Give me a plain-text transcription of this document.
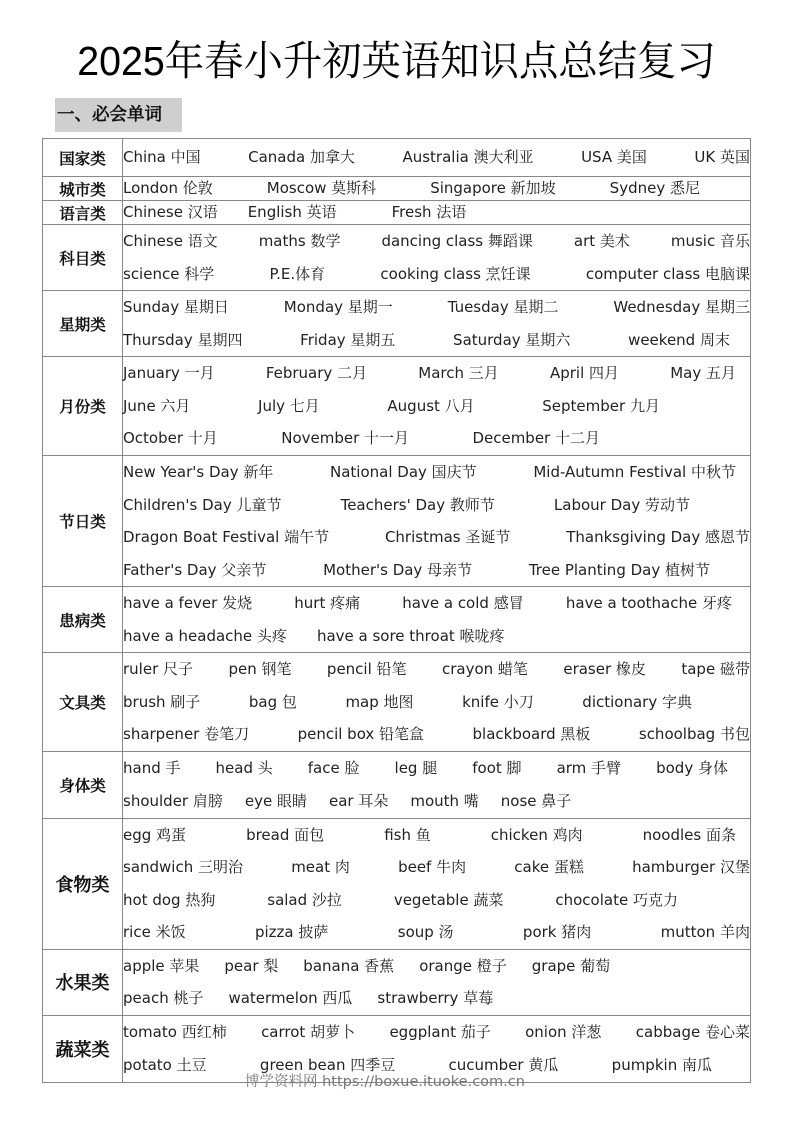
2025年春小升初英语知识点总结复习
一、必会单词
国家类	China 中国 Canada 加拿大 Australia 澳大利亚 USA 美国 UK 英国

城市类	London 伦敦 Moscow 莫斯科 Singapore 新加坡 Sydney 悉尼

语言类	Chinese 汉语 English 英语 Fresh 法语

科目类	
Chinese 语文	maths 数学	dancing class 舞蹈课	art 美术	music 音乐
science 科学	P.E.体育	cooking class 烹饪课	computer class 电脑课

星期类	
Sunday 星期日	Monday 星期一	Tuesday 星期二	Wednesday 星期三
Thursday 星期四	Friday 星期五	Saturday 星期六	weekend 周末

月份类	
January 一月	February 二月	March 三月	April 四月	May 五月
June 六月	July 七月	August 八月	September 九月
October 十月	November 十一月	December 十二月

节日类	
New Year's Day 新年	National Day 国庆节	Mid-Autumn Festival 中秋节
Children's Day 儿童节	Teachers' Day 教师节	Labour Day 劳动节
Dragon Boat Festival 端午节	Christmas 圣诞节	Thanksgiving Day 感恩节
Father's Day 父亲节	Mother's Day 母亲节	Tree Planting Day 植树节

患病类	
have a fever 发烧	hurt 疼痛	have a cold 感冒	have a toothache 牙疼
have a headache 头疼 have a sore throat 喉咙疼

文具类	
ruler 尺子 pen 钢笔 pencil 铅笔 crayon 蜡笔 eraser 橡皮 tape 磁带
brush 刷子	bag 包	map 地图	knife 小刀	dictionary 字典
sharpener 卷笔刀	pencil box 铅笔盒	blackboard 黑板	schoolbag 书包

身体类	
hand 手 head 头 face 脸 leg 腿 foot 脚 arm 手臂 body 身体
shoulder 肩膀 eye 眼睛 ear 耳朵 mouth 嘴 nose 鼻子

食物类	
egg 鸡蛋	bread 面包	fish 鱼	chicken 鸡肉	noodles 面条
sandwich 三明治	meat 肉	beef 牛肉	cake 蛋糕	hamburger 汉堡
hot dog 热狗	salad 沙拉	vegetable 蔬菜	chocolate 巧克力
rice 米饭	pizza 披萨	soup 汤	pork 猪肉	mutton 羊肉

水果类	
apple 苹果 pear 梨 banana 香蕉 orange 橙子 grape 葡萄
peach 桃子 watermelon 西瓜 strawberry 草莓

蔬菜类	
tomato 西红柿 carrot 胡萝卜 eggplant 茄子 onion 洋葱 cabbage 卷心菜
potato 土豆	green bean 四季豆	cucumber 黄瓜	pumpkin 南瓜
博学资料网 https://boxue.ituoke.com.cn
